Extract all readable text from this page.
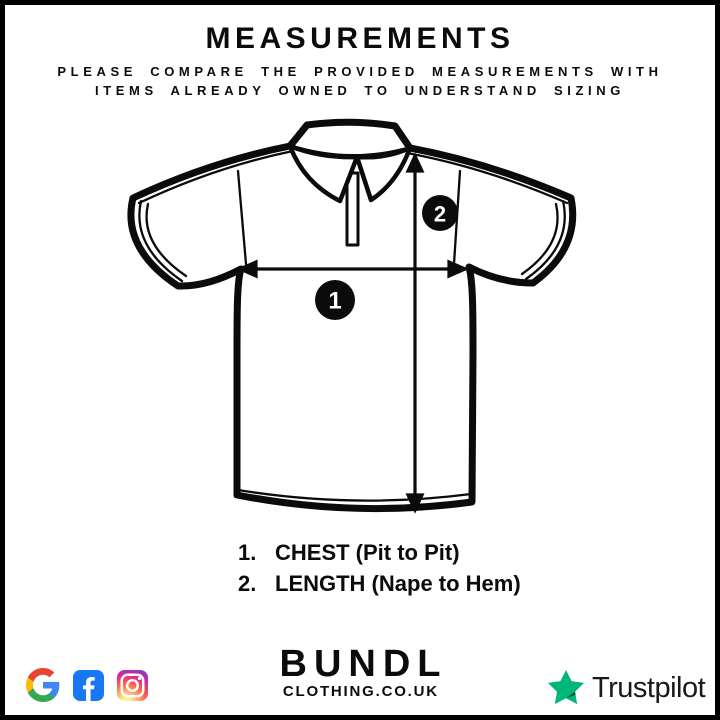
MEASUREMENTS
PLEASE COMPARE THE PROVIDED MEASUREMENTS WITH
ITEMS ALREADY OWNED TO UNDERSTAND SIZING
1
2
1. CHEST (Pit to Pit)
2. LENGTH (Nape to Hem)
BUNDL
CLOTHING.CO.UK	Trustpilot
